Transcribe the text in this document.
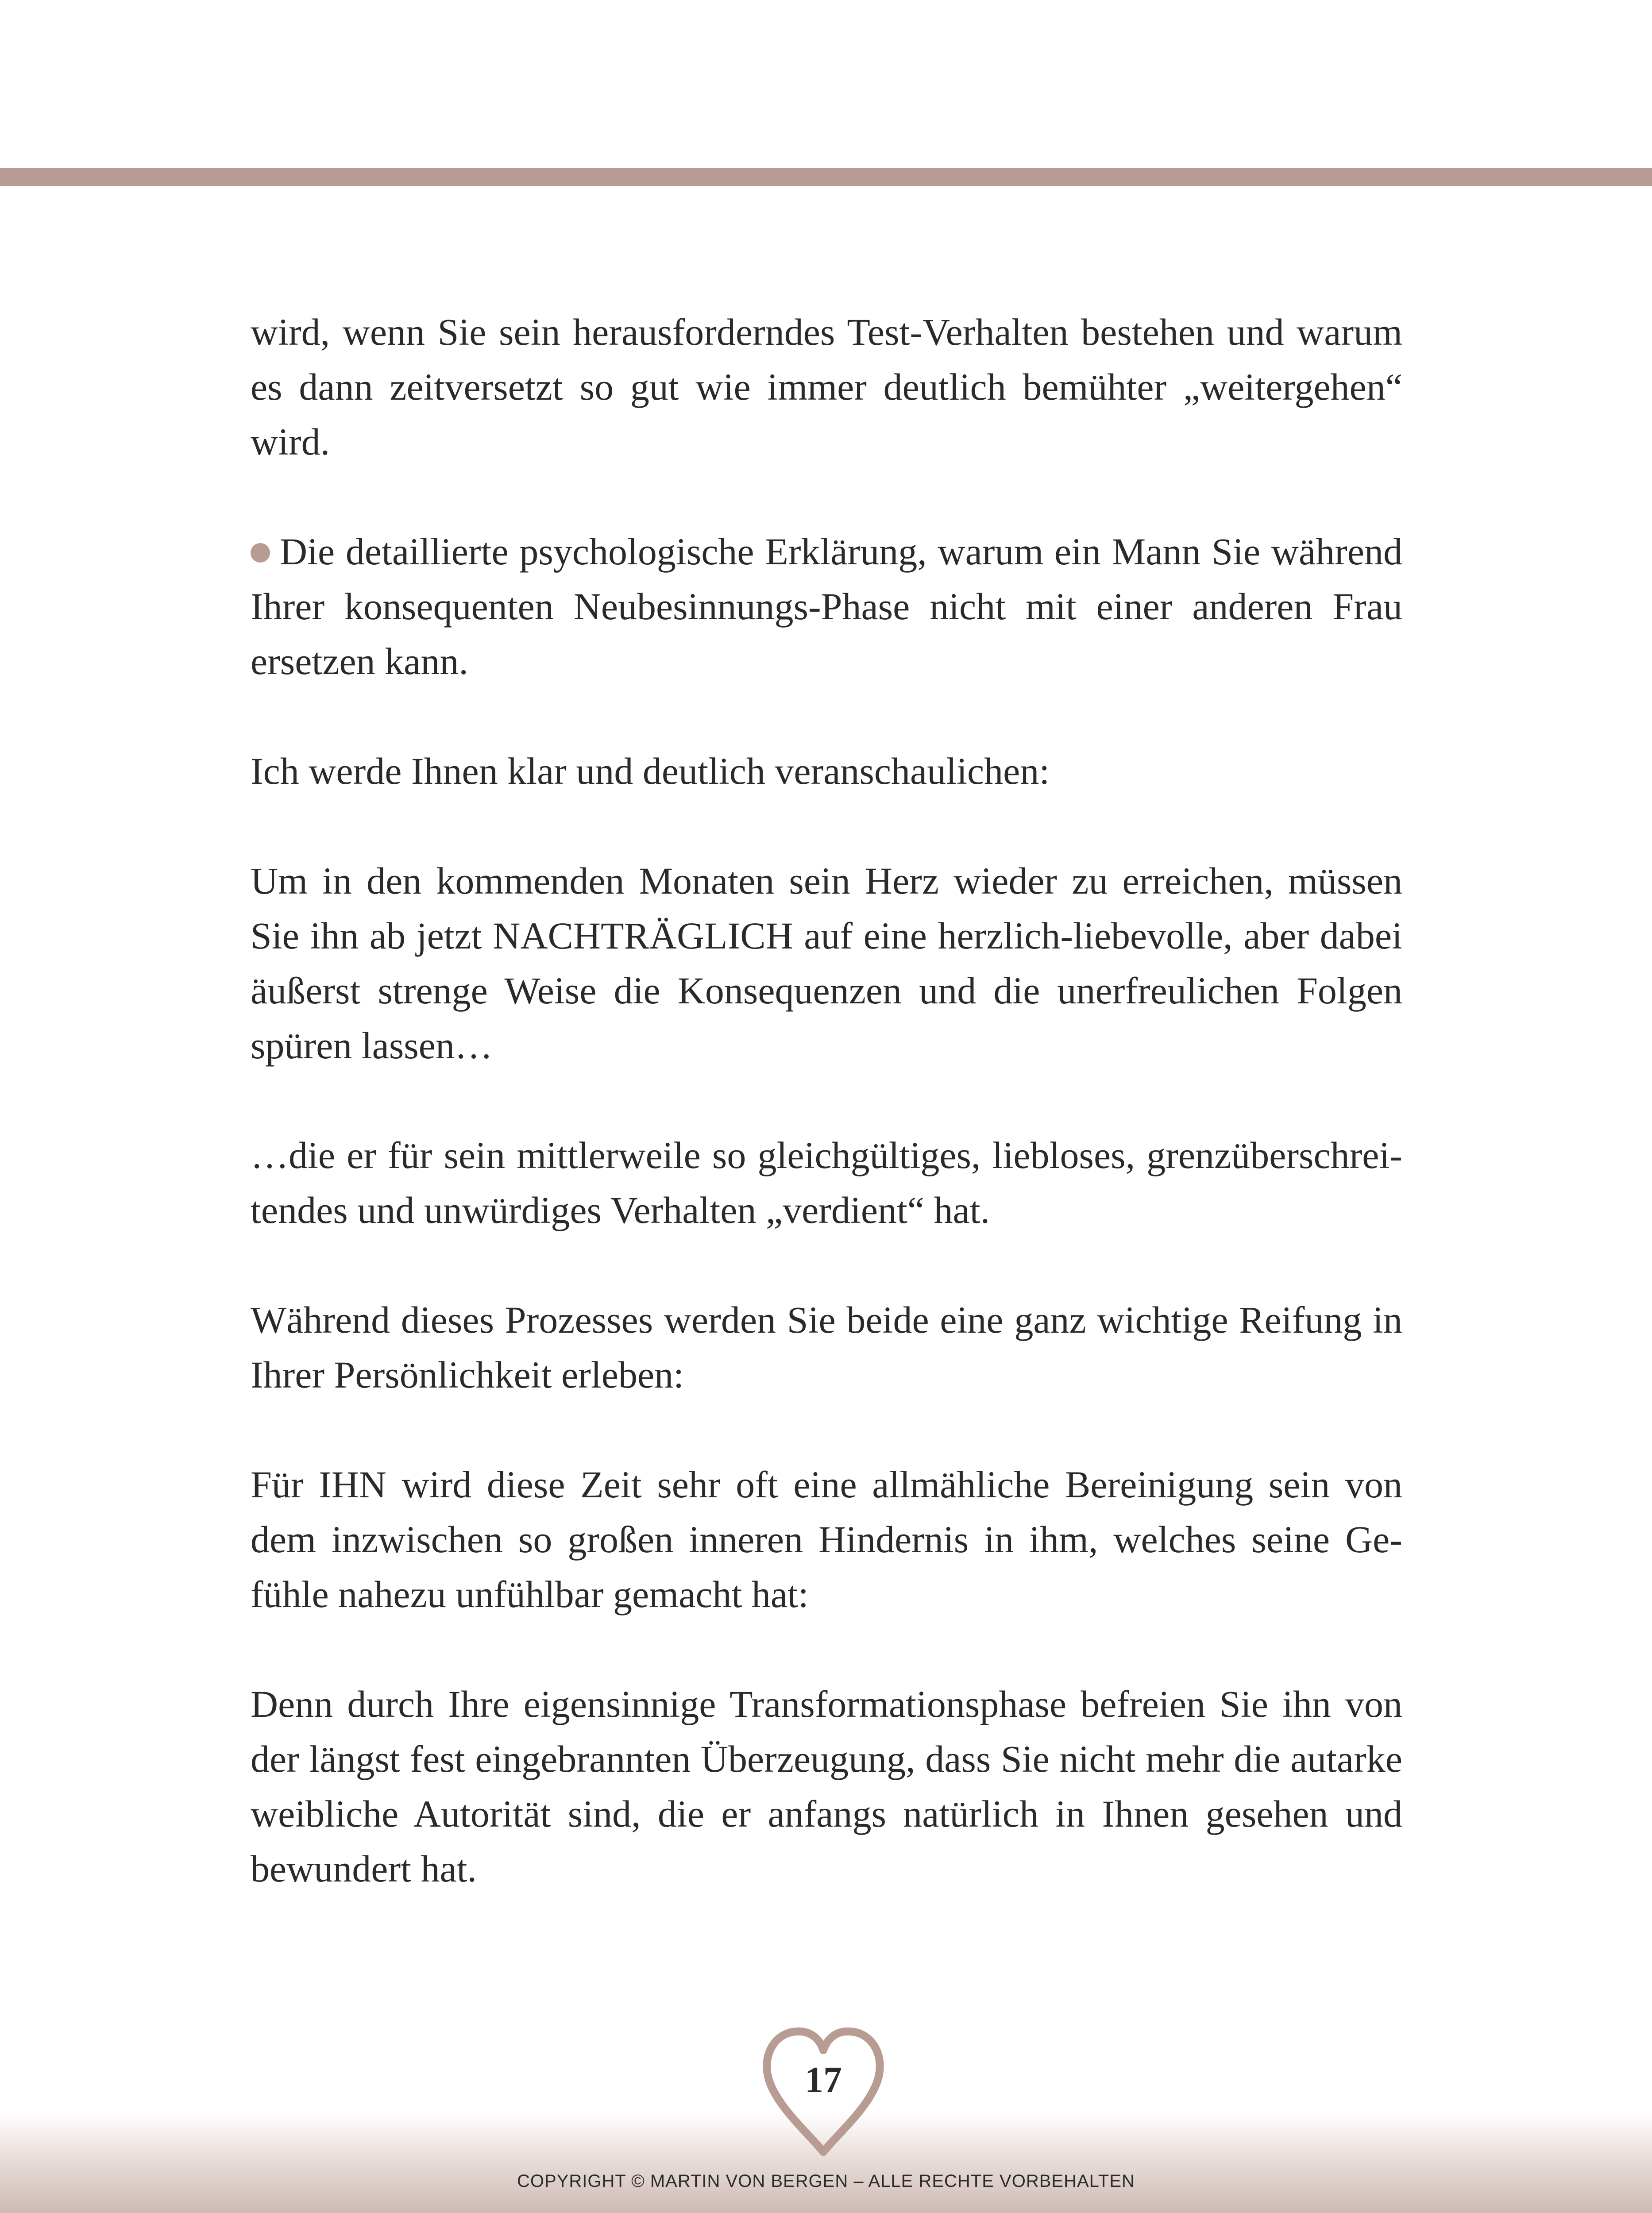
wird, wenn Sie sein herausforderndes Test-Verhalten bestehen und warum es dann zeitversetzt so gut wie immer deutlich bemühter „weitergehen“ wird.

Die detaillierte psychologische Erklärung, warum ein Mann Sie während Ihrer konsequenten Neubesinnungs-Phase nicht mit einer anderen Frau ersetzen kann.

Ich werde Ihnen klar und deutlich veranschaulichen:

Um in den kommenden Monaten sein Herz wieder zu erreichen, müssen Sie ihn ab jetzt NACHTRÄGLICH auf eine herzlich-liebevolle, aber dabei äußerst strenge Weise die Konsequenzen und die unerfreulichen Folgen spüren lassen…

…die er für sein mittlerweile so gleichgültiges, liebloses, grenzüberschreitendes und unwürdiges Verhalten „verdient“ hat.

Während dieses Prozesses werden Sie beide eine ganz wichtige Reifung in Ihrer Persönlichkeit erleben:

Für IHN wird diese Zeit sehr oft eine allmähliche Bereinigung sein von dem inzwischen so großen inneren Hindernis in ihm, welches seine Gefühle nahezu unfühlbar gemacht hat:

Denn durch Ihre eigensinnige Transformationsphase befreien Sie ihn von der längst fest eingebrannten Überzeugung, dass Sie nicht mehr die autarke weibliche Autorität sind, die er anfangs natürlich in Ihnen gesehen und bewundert hat.

17
COPYRIGHT © MARTIN VON BERGEN – ALLE RECHTE VORBEHALTEN
